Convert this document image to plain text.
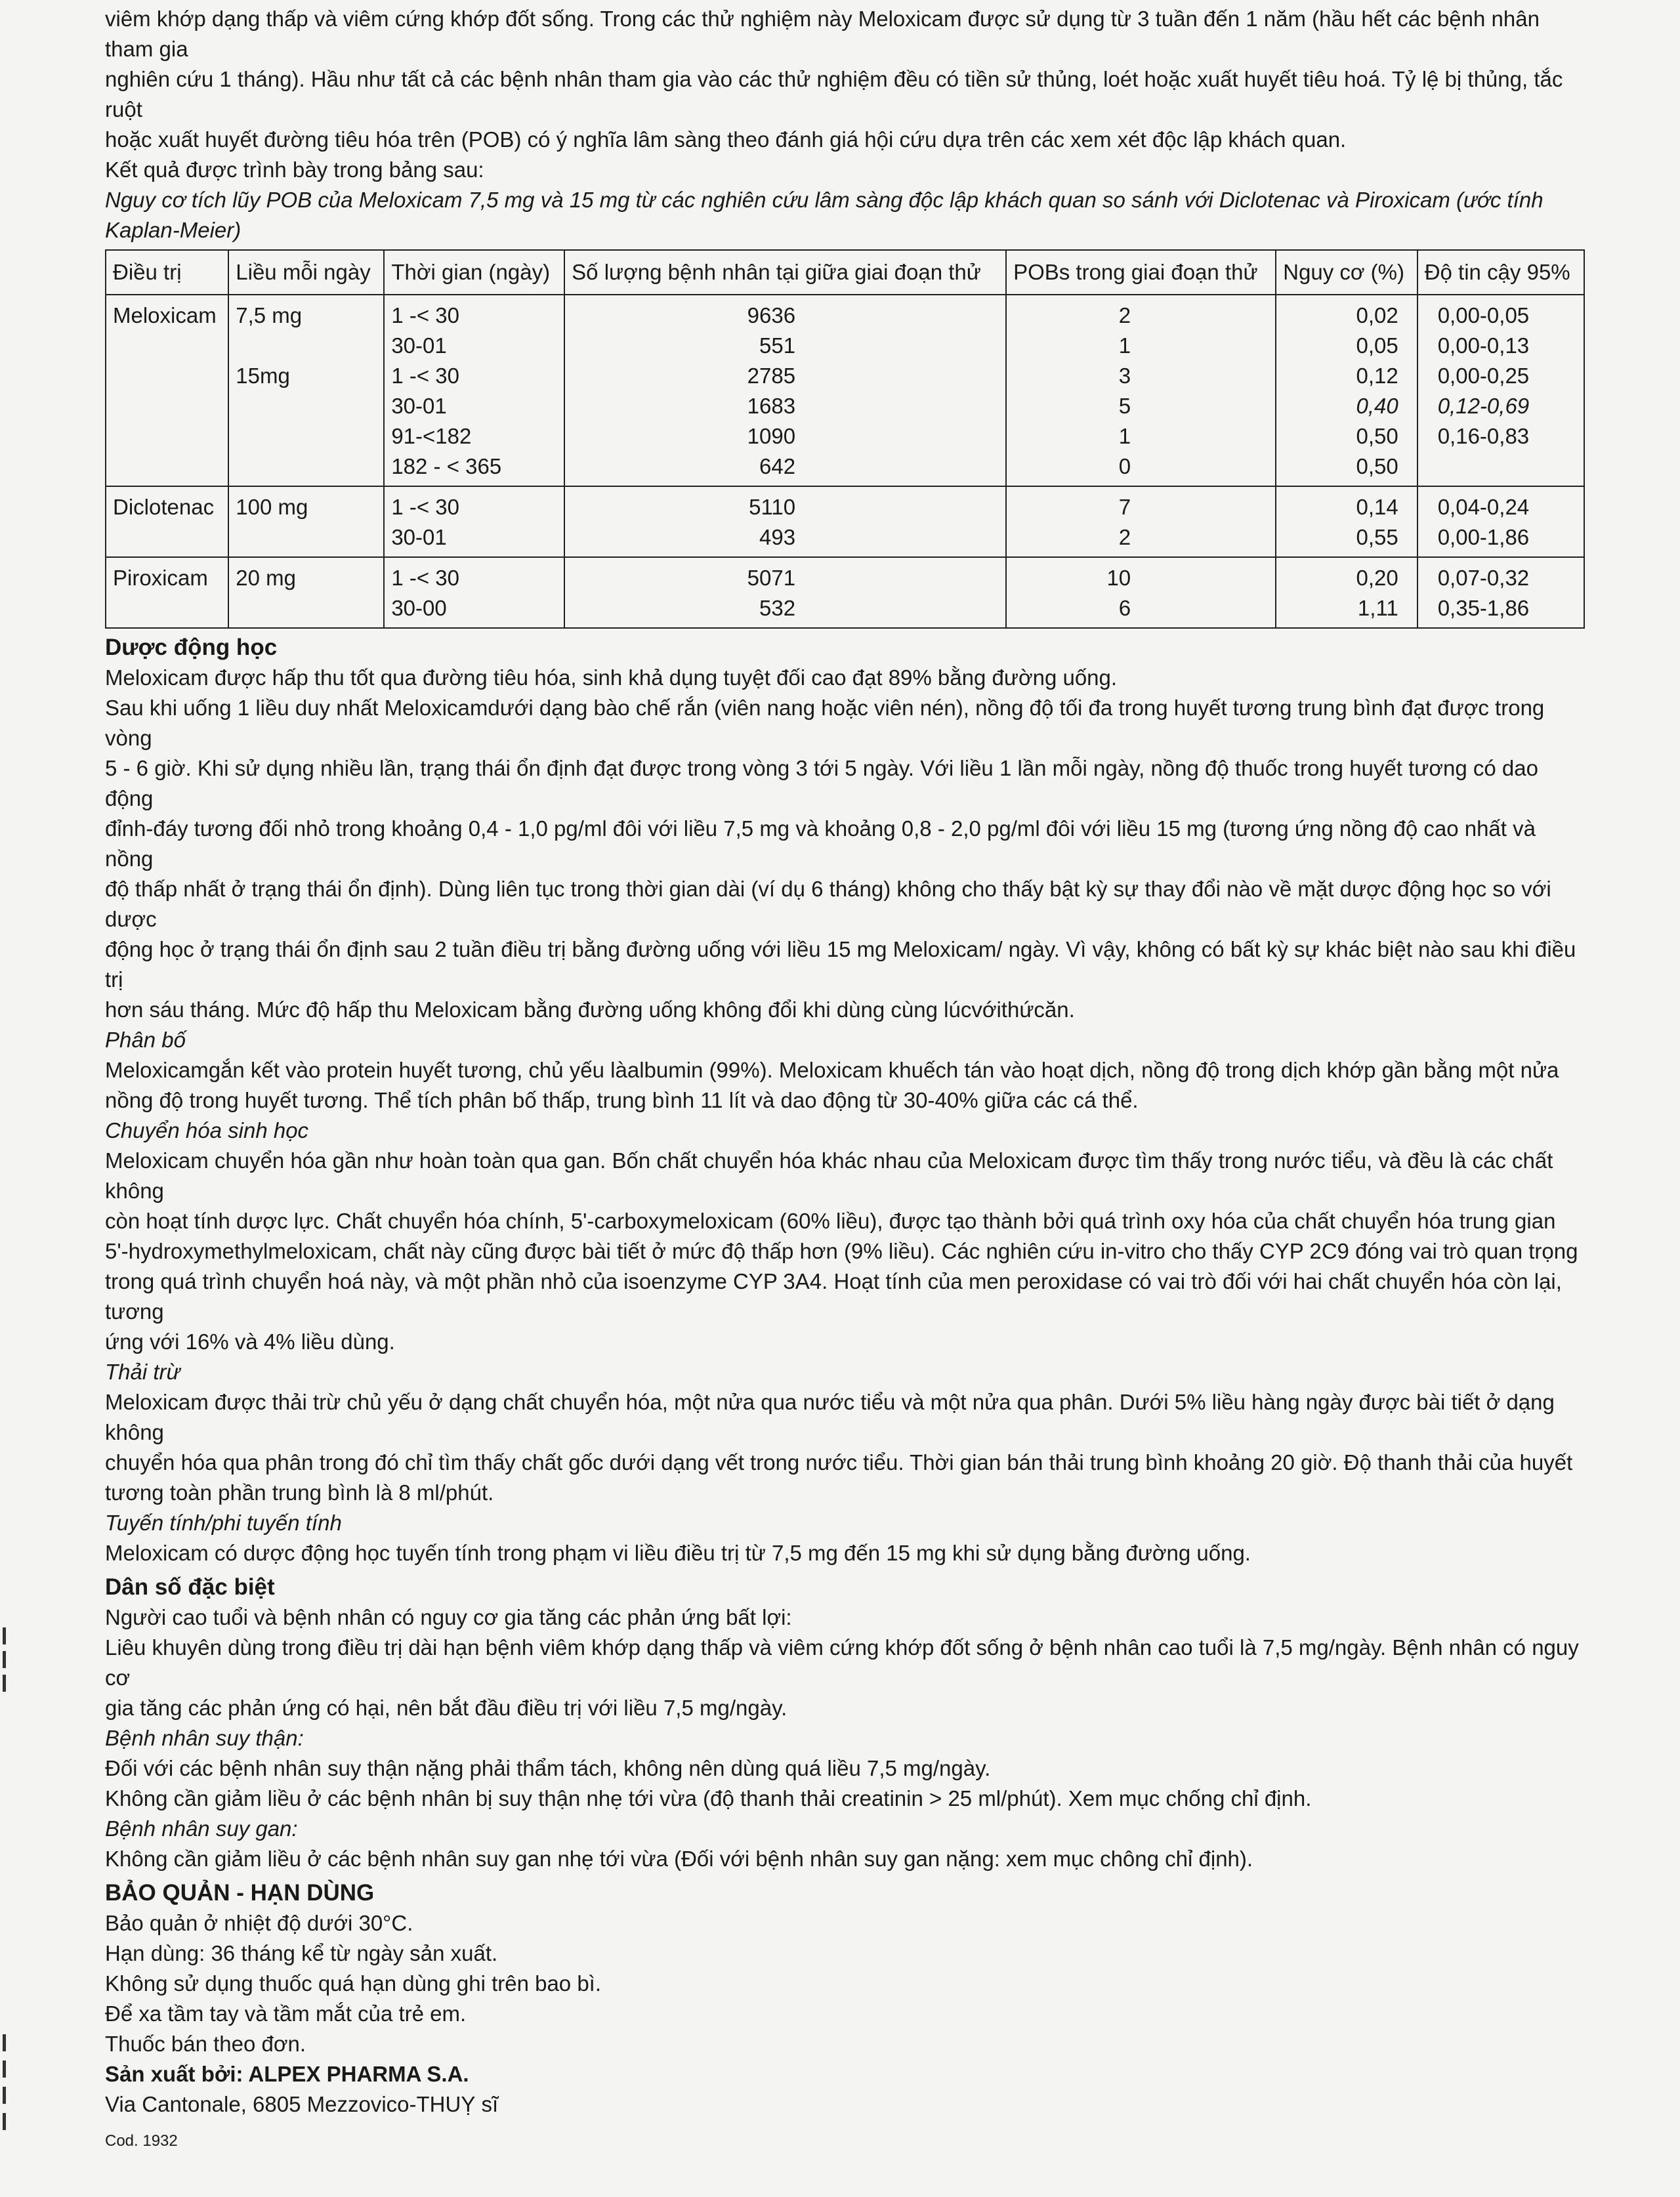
viêm khớp dạng thấp và viêm cứng khớp đốt sống. Trong các thử nghiệm này Meloxicam được sử dụng từ 3 tuần đến 1 năm (hầu hết các bệnh nhân tham gia

nghiên cứu 1 tháng). Hầu như tất cả các bệnh nhân tham gia vào các thử nghiệm đều có tiền sử thủng, loét hoặc xuất huyết tiêu hoá. Tỷ lệ bị thủng, tắc ruột

hoặc xuất huyết đường tiêu hóa trên (POB) có ý nghĩa lâm sàng theo đánh giá hội cứu dựa trên các xem xét độc lập khách quan.

Kết quả được trình bày trong bảng sau:

Nguy cơ tích lũy POB của Meloxicam 7,5 mg và 15 mg từ các nghiên cứu lâm sàng độc lập khách quan so sánh với Diclotenac và Piroxicam (ước tính Kaplan-Meier)

Điều trị	Liều mỗi ngày	Thời gian (ngày)	Số lượng bệnh nhân tại giữa giai đoạn thử	POBs trong giai đoạn thử	Nguy cơ (%)	Độ tin cậy 95%
Meloxicam	7,5 mg	1 -< 30	9636	2	0,02	0,00-0,05
		30-01	551	1	0,05	0,00-0,13
	15mg	1 -< 30	2785	3	0,12	0,00-0,25
		30-01	1683	5	0,40	0,12-0,69
		91-<182	1090	1	0,50	0,16-0,83
		182 - < 365	642	0	0,50	
Diclotenac	100 mg	1 -< 30	5110	7	0,14	0,04-0,24
		30-01	493	2	0,55	0,00-1,86
Piroxicam	20 mg	1 -< 30	5071	10	0,20	0,07-0,32
		30-00	532	6	1,11	0,35-1,86

Dược động học

Meloxicam được hấp thu tốt qua đường tiêu hóa, sinh khả dụng tuyệt đối cao đạt 89% bằng đường uống.

Sau khi uống 1 liều duy nhất Meloxicamdưới dạng bào chế rắn (viên nang hoặc viên nén), nồng độ tối đa trong huyết tương trung bình đạt được trong vòng

5 - 6 giờ. Khi sử dụng nhiều lần, trạng thái ổn định đạt được trong vòng 3 tới 5 ngày. Với liều 1 lần mỗi ngày, nồng độ thuốc trong huyết tương có dao động

đỉnh-đáy tương đối nhỏ trong khoảng 0,4 - 1,0 pg/ml đôi với liều 7,5 mg và khoảng 0,8 - 2,0 pg/ml đôi với liều 15 mg (tương ứng nồng độ cao nhất và nồng

độ thấp nhất ở trạng thái ổn định). Dùng liên tục trong thời gian dài (ví dụ 6 tháng) không cho thấy bật kỳ sự thay đổi nào về mặt dược động học so với dược

động học ở trạng thái ổn định sau 2 tuần điều trị bằng đường uống với liều 15 mg Meloxicam/ ngày. Vì vậy, không có bất kỳ sự khác biệt nào sau khi điều trị

hơn sáu tháng. Mức độ hấp thu Meloxicam bằng đường uống không đổi khi dùng cùng lúcvớithứcăn.

Phân bố

Meloxicamgắn kết vào protein huyết tương, chủ yếu làalbumin (99%). Meloxicam khuếch tán vào hoạt dịch, nồng độ trong dịch khớp gần bằng một nửa

nồng độ trong huyết tương. Thể tích phân bố thấp, trung bình 11 lít và dao động từ 30-40% giữa các cá thể.

Chuyển hóa sinh học

Meloxicam chuyển hóa gần như hoàn toàn qua gan. Bốn chất chuyển hóa khác nhau của Meloxicam được tìm thấy trong nước tiểu, và đều là các chất không

còn hoạt tính dược lực. Chất chuyển hóa chính, 5'-carboxymeloxicam (60% liều), được tạo thành bởi quá trình oxy hóa của chất chuyển hóa trung gian

5'-hydroxymethylmeloxicam, chất này cũng được bài tiết ở mức độ thấp hơn (9% liều). Các nghiên cứu in-vitro cho thấy CYP 2C9 đóng vai trò quan trọng

trong quá trình chuyển hoá này, và một phần nhỏ của isoenzyme CYP 3A4. Hoạt tính của men peroxidase có vai trò đối với hai chất chuyển hóa còn lại, tương

ứng với 16% và 4% liều dùng.

Thải trừ

Meloxicam được thải trừ chủ yếu ở dạng chất chuyển hóa, một nửa qua nước tiểu và một nửa qua phân. Dưới 5% liều hàng ngày được bài tiết ở dạng không

chuyển hóa qua phân trong đó chỉ tìm thấy chất gốc dưới dạng vết trong nước tiểu. Thời gian bán thải trung bình khoảng 20 giờ. Độ thanh thải của huyết

tương toàn phần trung bình là 8 ml/phút.

Tuyến tính/phi tuyến tính

Meloxicam có dược động học tuyến tính trong phạm vi liều điều trị từ 7,5 mg đến 15 mg khi sử dụng bằng đường uống.

Dân số đặc biệt

Người cao tuổi và bệnh nhân có nguy cơ gia tăng các phản ứng bất lợi:

Liêu khuyên dùng trong điều trị dài hạn bệnh viêm khớp dạng thấp và viêm cứng khớp đốt sống ở bệnh nhân cao tuổi là 7,5 mg/ngày. Bệnh nhân có nguy cơ

gia tăng các phản ứng có hại, nên bắt đầu điều trị với liều 7,5 mg/ngày.

Bệnh nhân suy thận:

Đối với các bệnh nhân suy thận nặng phải thẩm tách, không nên dùng quá liều 7,5 mg/ngày.

Không cần giảm liều ở các bệnh nhân bị suy thận nhẹ tới vừa (độ thanh thải creatinin > 25 ml/phút). Xem mục chống chỉ định.

Bệnh nhân suy gan:

Không cần giảm liều ở các bệnh nhân suy gan nhẹ tới vừa (Đối với bệnh nhân suy gan nặng: xem mục chông chỉ định).

BẢO QUẢN - HẠN DÙNG

Bảo quản ở nhiệt độ dưới 30°C.

Hạn dùng: 36 tháng kể từ ngày sản xuất.

Không sử dụng thuốc quá hạn dùng ghi trên bao bì.

Để xa tầm tay và tầm mắt của trẻ em.

Thuốc bán theo đơn.

Sản xuất bởi: ALPEX PHARMA S.A.

Via Cantonale, 6805 Mezzovico-THUỴ sĩ

Cod. 1932
